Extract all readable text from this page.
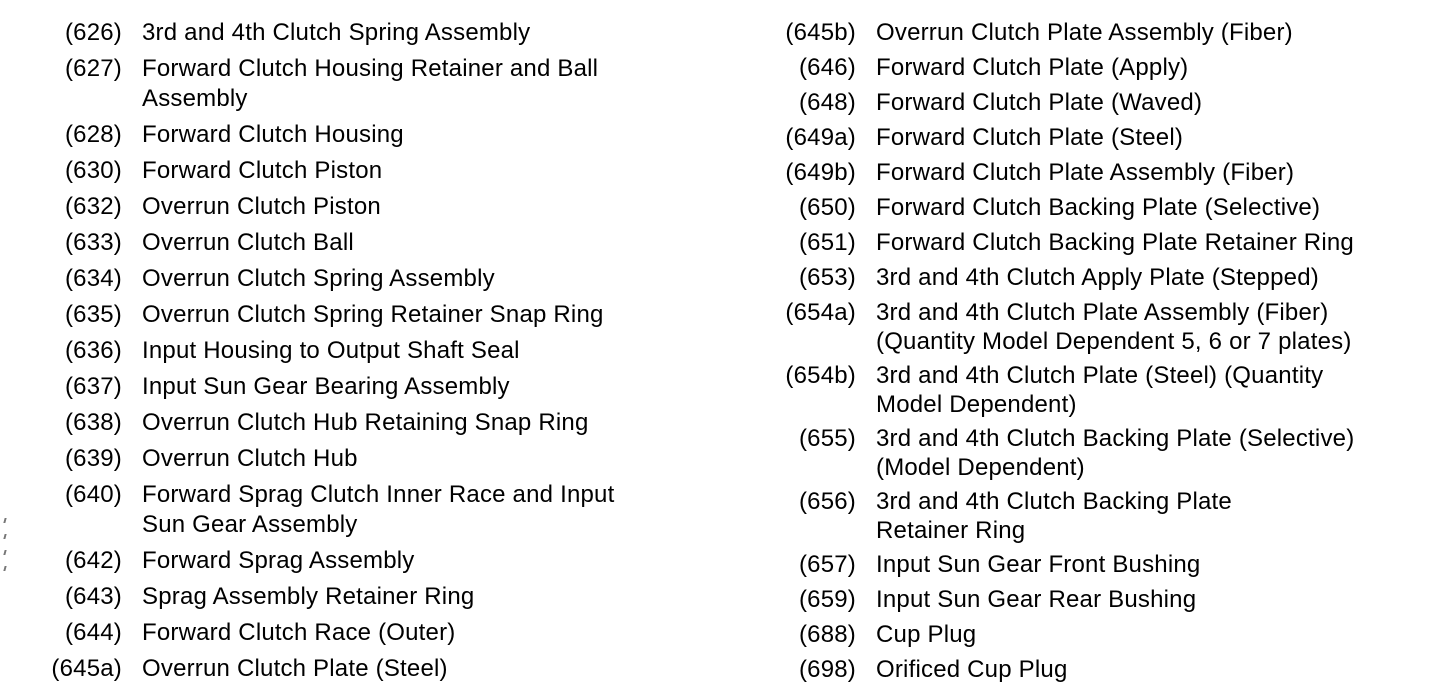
(626) 3rd and 4th Clutch Spring Assembly
(627) Forward Clutch Housing Retainer and Ball
Assembly
(628) Forward Clutch Housing
(630) Forward Clutch Piston
(632) Overrun Clutch Piston
(633) Overrun Clutch Ball
(634) Overrun Clutch Spring Assembly
(635) Overrun Clutch Spring Retainer Snap Ring
(636) Input Housing to Output Shaft Seal
(637) Input Sun Gear Bearing Assembly
(638) Overrun Clutch Hub Retaining Snap Ring
(639) Overrun Clutch Hub
(640) Forward Sprag Clutch Inner Race and Input
Sun Gear Assembly
(642) Forward Sprag Assembly
(643) Sprag Assembly Retainer Ring
(644) Forward Clutch Race (Outer)
(645a) Overrun Clutch Plate (Steel)
(645b) Overrun Clutch Plate Assembly (Fiber)
(646) Forward Clutch Plate (Apply)
(648) Forward Clutch Plate (Waved)
(649a) Forward Clutch Plate (Steel)
(649b) Forward Clutch Plate Assembly (Fiber)
(650) Forward Clutch Backing Plate (Selective)
(651) Forward Clutch Backing Plate Retainer Ring
(653) 3rd and 4th Clutch Apply Plate (Stepped)
(654a) 3rd and 4th Clutch Plate Assembly (Fiber)
(Quantity Model Dependent 5, 6 or 7 plates)
(654b) 3rd and 4th Clutch Plate (Steel) (Quantity
Model Dependent)
(655) 3rd and 4th Clutch Backing Plate (Selective)
(Model Dependent)
(656) 3rd and 4th Clutch Backing Plate
Retainer Ring
(657) Input Sun Gear Front Bushing
(659) Input Sun Gear Rear Bushing
(688) Cup Plug
(698) Orificed Cup Plug
